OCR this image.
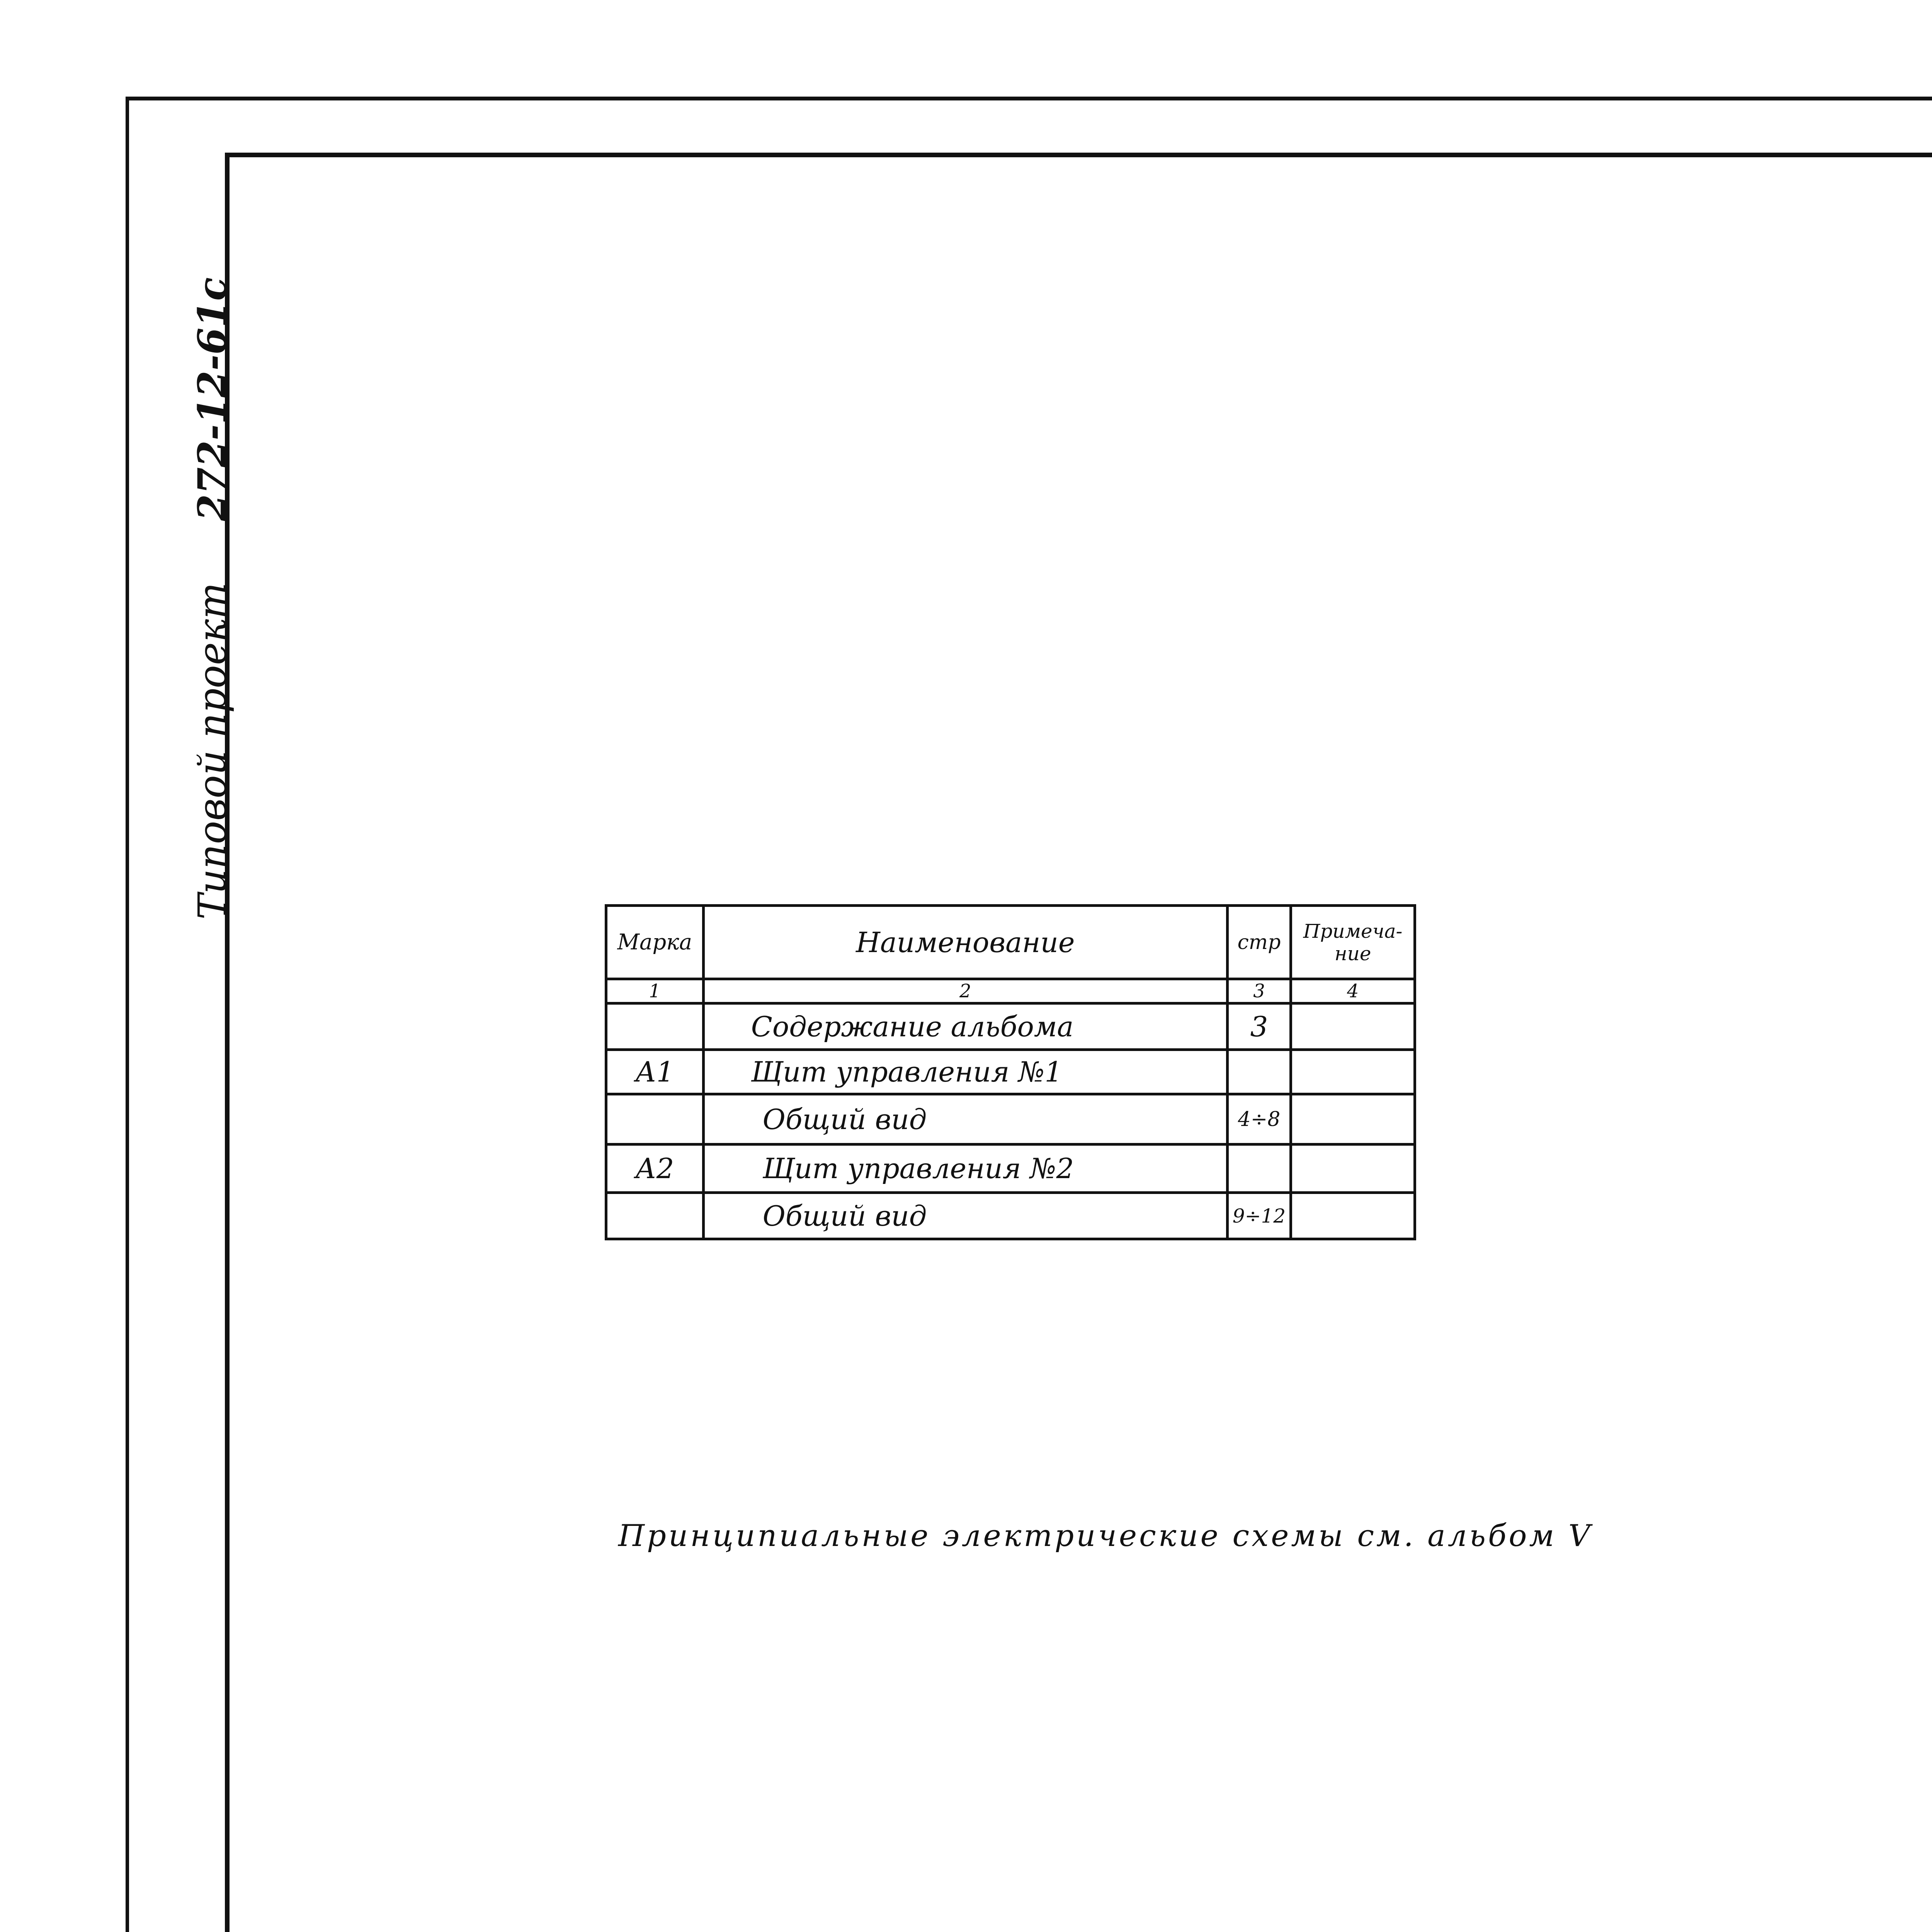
Типовой проект     272-12-61с
Марка	Наименование	стр	Примеча-ние
1	2	3	4
	Содержание альбома	3	
А1	Щит управления №1		
	Общий вид	4÷8	
А2	Щит управления №2		
	Общий вид	9÷12	
Принципиальные электрические схемы см. альбом V
